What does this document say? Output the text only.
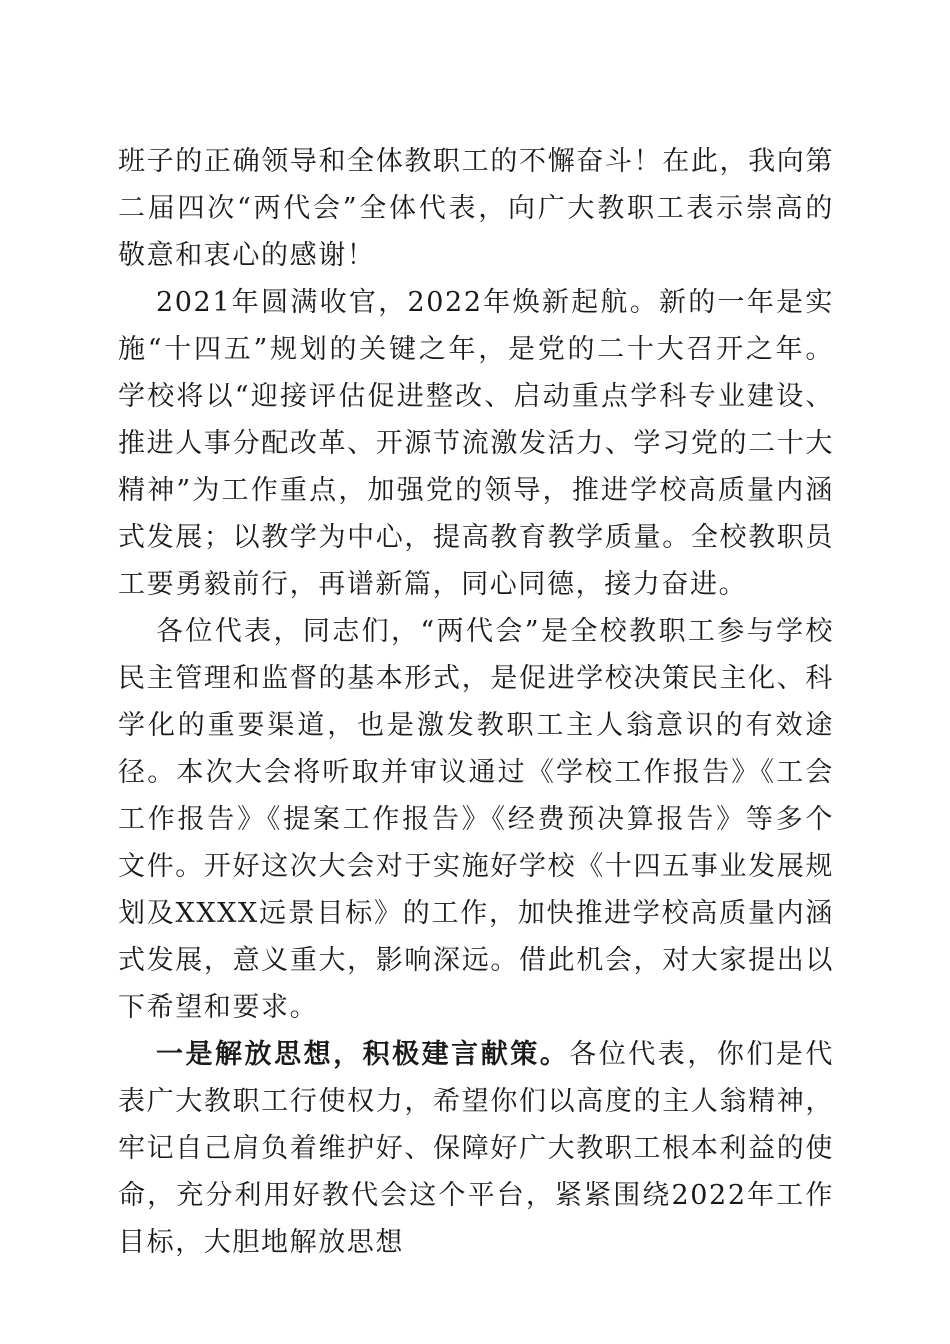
班子的正确领导和全体教职工的不懈奋斗！在此，我向第二届四次“两代会”全体代表，向广大教职工表示崇高的敬意和衷心的感谢！

2021年圆满收官，2022年焕新起航。新的一年是实施“十四五”规划的关键之年，是党的二十大召开之年。学校将以“迎接评估促进整改、启动重点学科专业建设、推进人事分配改革、开源节流激发活力、学习党的二十大精神”为工作重点，加强党的领导，推进学校高质量内涵式发展；以教学为中心，提高教育教学质量。全校教职员工要勇毅前行，再谱新篇，同心同德，接力奋进。

各位代表，同志们，“两代会”是全校教职工参与学校民主管理和监督的基本形式，是促进学校决策民主化、科学化的重要渠道，也是激发教职工主人翁意识的有效途径。本次大会将听取并审议通过《学校工作报告》《工会工作报告》《提案工作报告》《经费预决算报告》等多个文件。开好这次大会对于实施好学校《十四五事业发展规划及XXXX远景目标》的工作，加快推进学校高质量内涵式发展，意义重大，影响深远。借此机会，对大家提出以下希望和要求。

一是解放思想，积极建言献策。各位代表，你们是代表广大教职工行使权力，希望你们以高度的主人翁精神，牢记自己肩负着维护好、保障好广大教职工根本利益的使命，充分利用好教代会这个平台，紧紧围绕2022年工作目标，大胆地解放思想
